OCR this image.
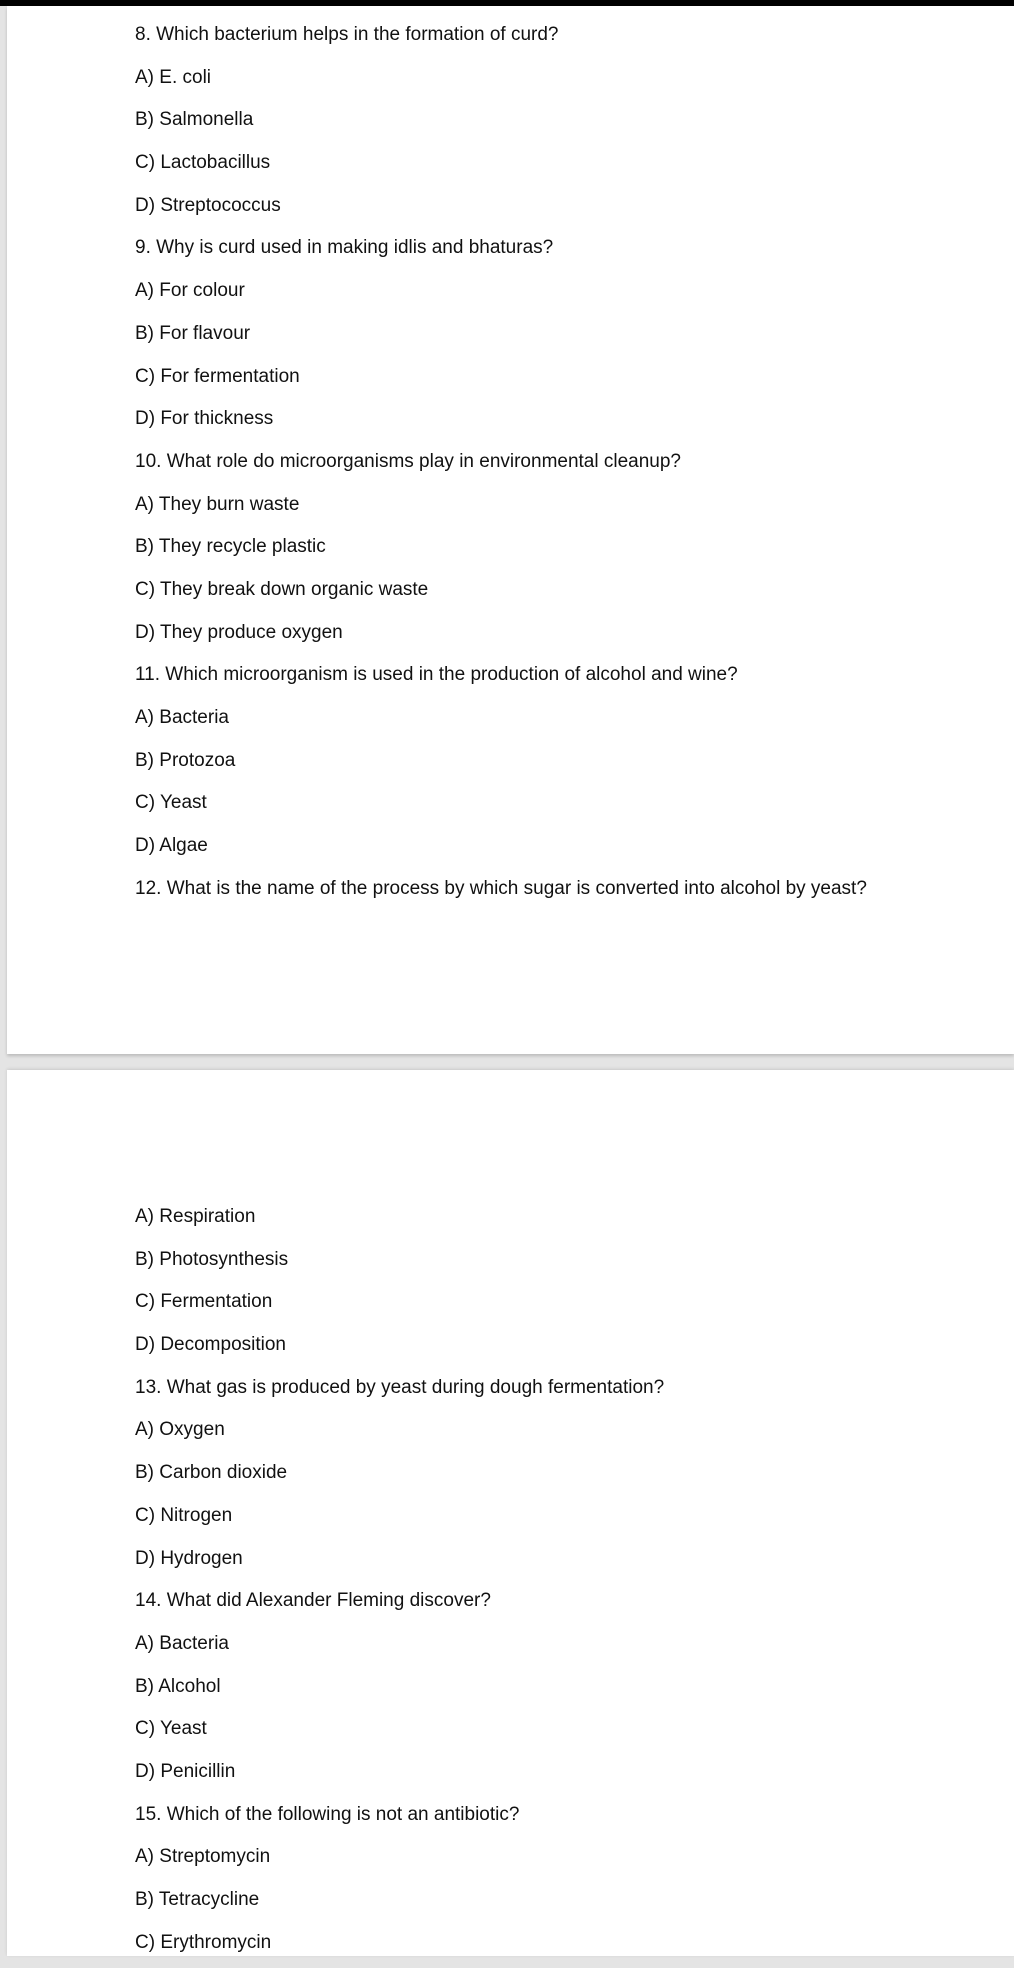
8. Which bacterium helps in the formation of curd?
A) E. coli
B) Salmonella
C) Lactobacillus
D) Streptococcus
9. Why is curd used in making idlis and bhaturas?
A) For colour
B) For flavour
C) For fermentation
D) For thickness
10. What role do microorganisms play in environmental cleanup?
A) They burn waste
B) They recycle plastic
C) They break down organic waste
D) They produce oxygen
11. Which microorganism is used in the production of alcohol and wine?
A) Bacteria
B) Protozoa
C) Yeast
D) Algae
12. What is the name of the process by which sugar is converted into alcohol by yeast?
A) Respiration
B) Photosynthesis
C) Fermentation
D) Decomposition
13. What gas is produced by yeast during dough fermentation?
A) Oxygen
B) Carbon dioxide
C) Nitrogen
D) Hydrogen
14. What did Alexander Fleming discover?
A) Bacteria
B) Alcohol
C) Yeast
D) Penicillin
15. Which of the following is not an antibiotic?
A) Streptomycin
B) Tetracycline
C) Erythromycin
